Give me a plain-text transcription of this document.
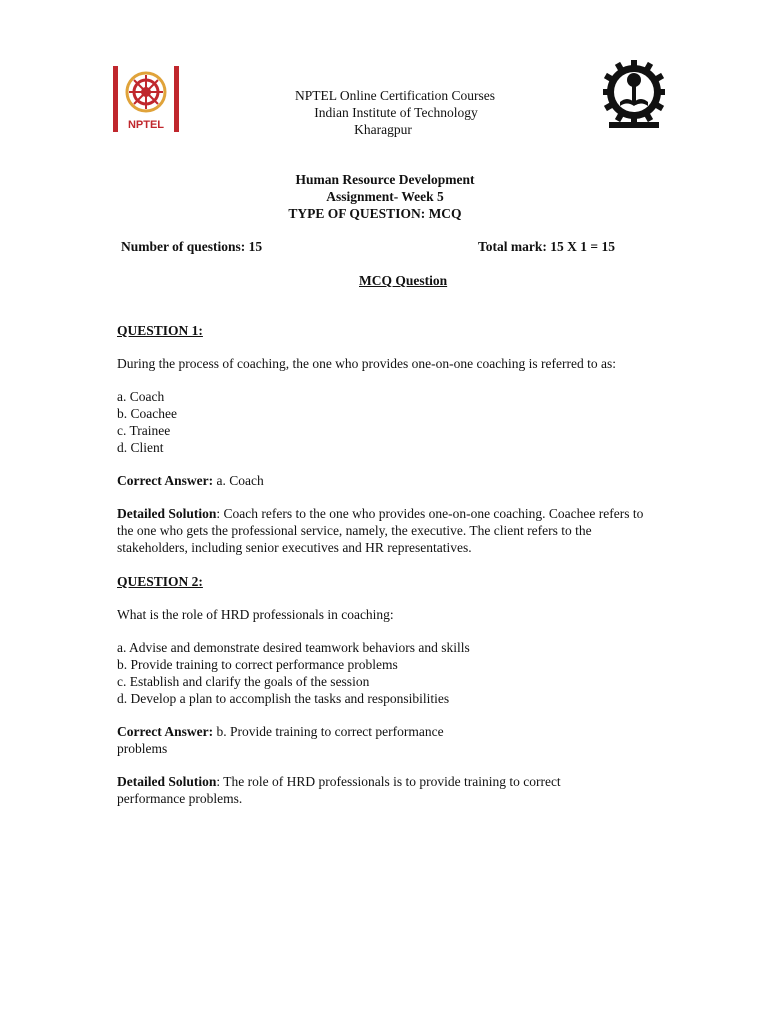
NPTEL
NPTEL Online Certification Courses
Indian Institute of Technology
Kharagpur
Human Resource Development
Assignment- Week 5
TYPE OF QUESTION: MCQ
Number of questions: 15	Total mark: 15 X 1 = 15
MCQ Question

QUESTION 1:

During the process of coaching, the one who provides one-on-one coaching is referred to as:

a. Coach

b. Coachee

c. Trainee

d. Client

Correct Answer: a. Coach

Detailed Solution: Coach refers to the one who provides one-on-one coaching. Coachee refers to the one who gets the professional service, namely, the executive. The client refers to the stakeholders, including senior executives and HR representatives.

QUESTION 2:

What is the role of HRD professionals in coaching:

a. Advise and demonstrate desired teamwork behaviors and skills

b. Provide training to correct performance problems

c. Establish and clarify the goals of the session

d. Develop a plan to accomplish the tasks and responsibilities

Correct Answer: b. Provide training to correct performance problems

Detailed Solution: The role of HRD professionals is to provide training to correct performance problems.
